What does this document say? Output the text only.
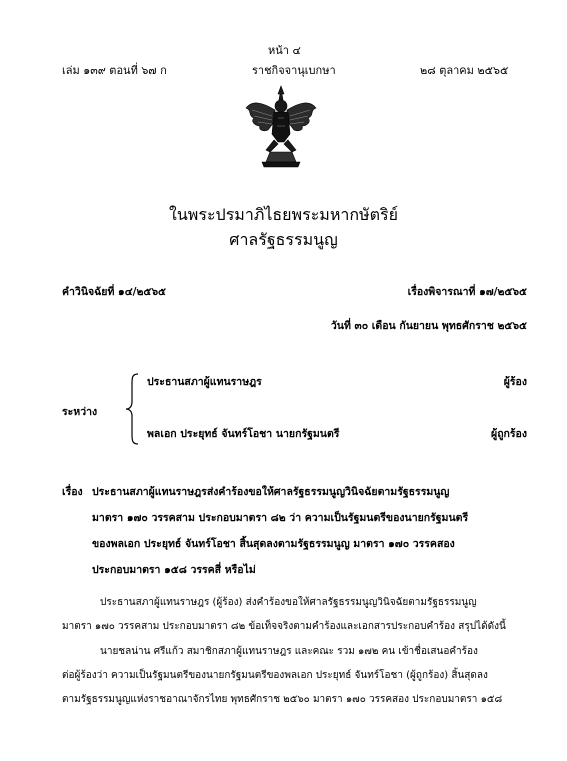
หน้า ๔
เล่ม ๑๓๙ ตอนที่ ๖๗ ก	ราชกิจจานุเบกษา	๒๘ ตุลาคม ๒๕๖๕
ในพระปรมาภิไธยพระมหากษัตริย์
ศาลรัฐธรรมนูญ
คำวินิจฉัยที่ ๑๔/๒๕๖๕	เรื่องพิจารณาที่ ๑๗/๒๕๖๕
วันที่ ๓๐ เดือน กันยายน พุทธศักราช ๒๕๖๕
ระหว่าง
ประธานสภาผู้แทนราษฎร	ผู้ร้อง
พลเอก ประยุทธ์ จันทร์โอชา นายกรัฐมนตรี	ผู้ถูกร้อง
เรื่อง ประธานสภาผู้แทนราษฎรส่งคำร้องขอให้ศาลรัฐธรรมนูญวินิจฉัยตามรัฐธรรมนูญ
มาตรา ๑๗๐ วรรคสาม ประกอบมาตรา ๘๒ ว่า ความเป็นรัฐมนตรีของนายกรัฐมนตรี
ของพลเอก ประยุทธ์ จันทร์โอชา สิ้นสุดลงตามรัฐธรรมนูญ มาตรา ๑๗๐ วรรคสอง
ประกอบมาตรา ๑๕๘ วรรคสี่ หรือไม่
ประธานสภาผู้แทนราษฎร (ผู้ร้อง) ส่งคำร้องขอให้ศาลรัฐธรรมนูญวินิจฉัยตามรัฐธรรมนูญ
มาตรา ๑๗๐ วรรคสาม ประกอบมาตรา ๘๒ ข้อเท็จจริงตามคำร้องและเอกสารประกอบคำร้อง สรุปได้ดังนี้
นายชลน่าน ศรีแก้ว สมาชิกสภาผู้แทนราษฎร และคณะ รวม ๑๗๒ คน เข้าชื่อเสนอคำร้อง
ต่อผู้ร้องว่า ความเป็นรัฐมนตรีของนายกรัฐมนตรีของพลเอก ประยุทธ์ จันทร์โอชา (ผู้ถูกร้อง) สิ้นสุดลง
ตามรัฐธรรมนูญแห่งราชอาณาจักรไทย พุทธศักราช ๒๕๖๐ มาตรา ๑๗๐ วรรคสอง ประกอบมาตรา ๑๕๘
